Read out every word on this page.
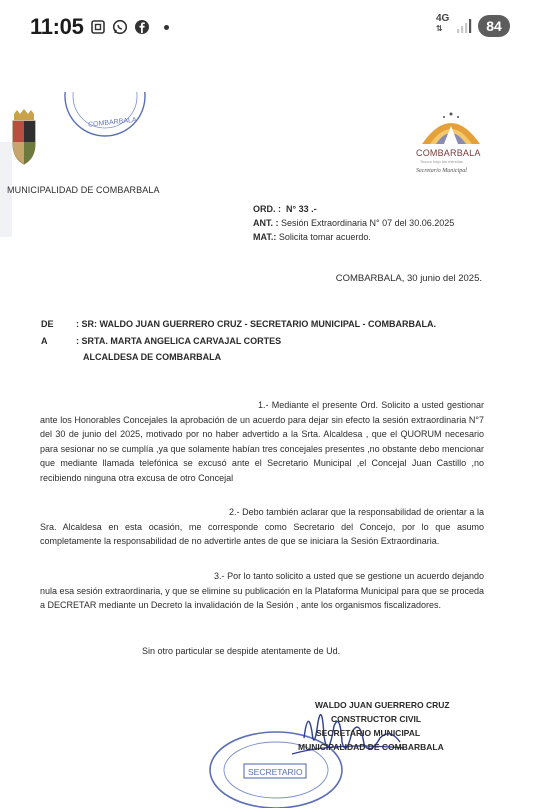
11:05	4G
⇅	84
COMBARBALA
MUNICIPALIDAD DE COMBARBALA
COMBARBALA
Tesoro bajo las estrellas
Secretario Municipal
ORD. : N° 33 .-
ANT. : Sesión Extraordinaria N° 07 del 30.06.2025
MAT.: Solicita tomar acuerdo.
COMBARBALA, 30 junio del 2025.
DE : SR: WALDO JUAN GUERRERO CRUZ - SECRETARIO MUNICIPAL - COMBARBALA.
A	: SRTA. MARTA ANGELICA CARVAJAL CORTES
ALCALDESA DE COMBARBALA
1.- Mediante el presente Ord. Solicito a usted gestionar ante los Honorables Concejales la aprobación de un acuerdo para dejar sin efecto la sesión extraordinaria N°7 del 30 de junio del 2025, motivado por no haber advertido a la Srta. Alcaldesa , que el QUORUM necesario para sesionar no se cumplía ,ya que solamente habían tres concejales presentes ,no obstante debo mencionar que mediante llamada telefónica se excusó ante el Secretario Municipal ,el Concejal Juan Castillo ,no recibiendo ninguna otra excusa de otro Concejal
2.- Debo también aclarar que la responsabilidad de orientar a la Sra. Alcaldesa en esta ocasión, me corresponde como Secretario del Concejo, por lo que asumo completamente la responsabilidad de no advertirle antes de que se iniciara la Sesión Extraordinaria.
3.- Por lo tanto solicito a usted que se gestione un acuerdo dejando nula esa sesión extraordinaria, y que se elimine su publicación en la Plataforma Municipal para que se proceda a DECRETAR mediante un Decreto la invalidación de la Sesión , ante los organismos fiscalizadores.
Sin otro particular se despide atentamente de Ud.
SECRETARIO
WALDO JUAN GUERRERO CRUZ
CONSTRUCTOR CIVIL
SECRETARIO MUNICIPAL
MUNICIPALIDAD DE COMBARBALA
